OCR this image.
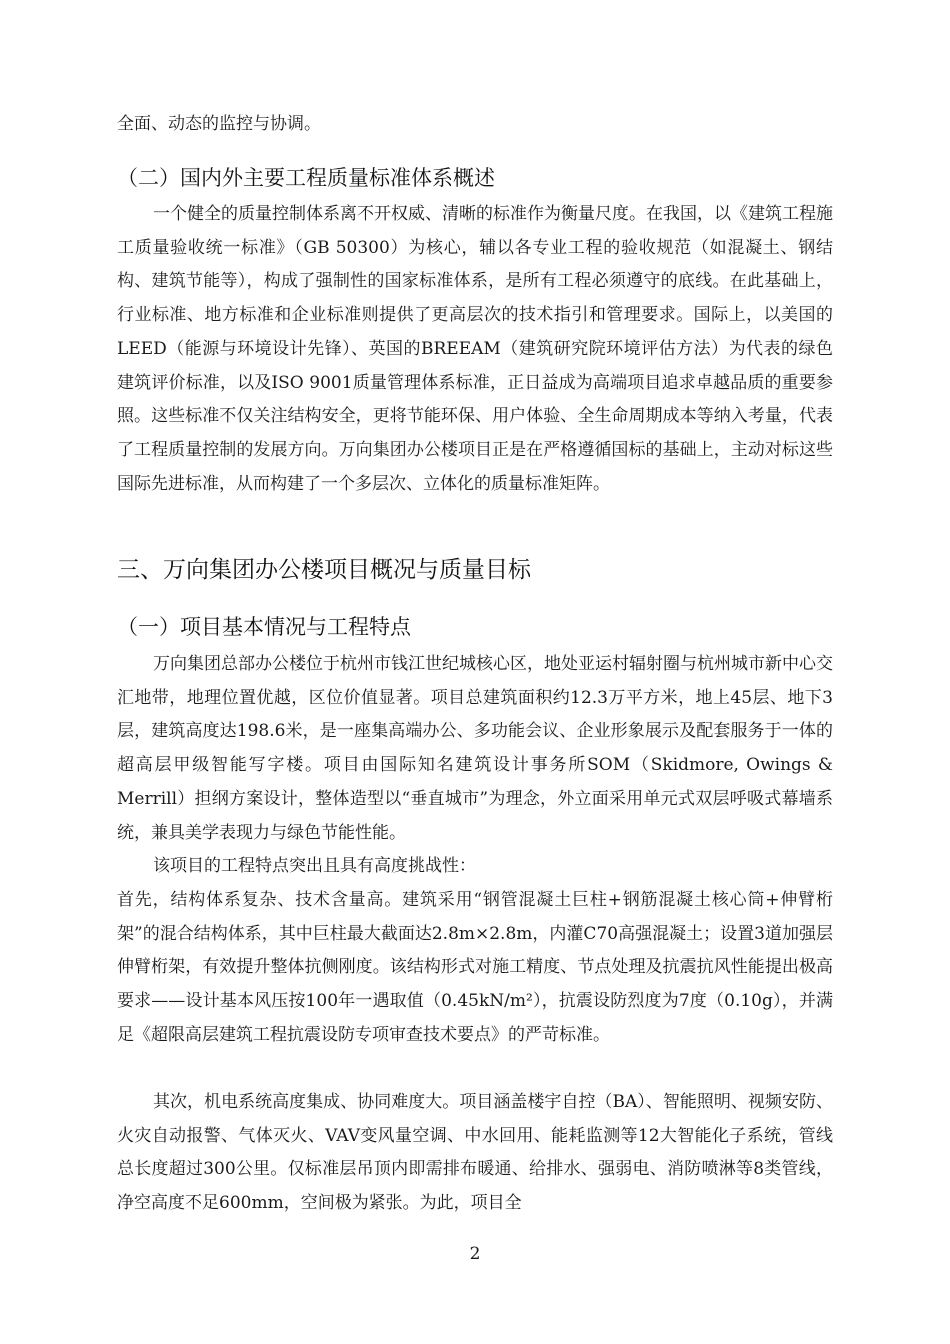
全面、动态的监控与协调。

（二）国内外主要工程质量标准体系概述

一个健全的质量控制体系离不开权威、清晰的标准作为衡量尺度。在我国，以《建筑工程施工质量验收统一标准》（GB 50300）为核心，辅以各专业工程的验收规范（如混凝土、钢结构、建筑节能等），构成了强制性的国家标准体系，是所有工程必须遵守的底线。在此基础上，行业标准、地方标准和企业标准则提供了更高层次的技术指引和管理要求。国际上，以美国的LEED（能源与环境设计先锋）、英国的BREEAM（建筑研究院环境评估方法）为代表的绿色建筑评价标准，以及ISO 9001质量管理体系标准，正日益成为高端项目追求卓越品质的重要参照。这些标准不仅关注结构安全，更将节能环保、用户体验、全生命周期成本等纳入考量，代表了工程质量控制的发展方向。万向集团办公楼项目正是在严格遵循国标的基础上，主动对标这些国际先进标准，从而构建了一个多层次、立体化的质量标准矩阵。

三、万向集团办公楼项目概况与质量目标
（一）项目基本情况与工程特点

万向集团总部办公楼位于杭州市钱江世纪城核心区，地处亚运村辐射圈与杭州城市新中心交汇地带，地理位置优越，区位价值显著。项目总建筑面积约12.3万平方米，地上45层、地下3层，建筑高度达198.6米，是一座集高端办公、多功能会议、企业形象展示及配套服务于一体的超高层甲级智能写字楼。项目由国际知名建筑设计事务所SOM（Skidmore, Owings & Merrill）担纲方案设计，整体造型以“垂直城市”为理念，外立面采用单元式双层呼吸式幕墙系统，兼具美学表现力与绿色节能性能。

该项目的工程特点突出且具有高度挑战性：

首先，结构体系复杂、技术含量高。建筑采用“钢管混凝土巨柱+钢筋混凝土核心筒+伸臂桁架”的混合结构体系，其中巨柱最大截面达2.8m×2.8m，内灌C70高强混凝土；设置3道加强层伸臂桁架，有效提升整体抗侧刚度。该结构形式对施工精度、节点处理及抗震抗风性能提出极高要求——设计基本风压按100年一遇取值（0.45kN/m²），抗震设防烈度为7度（0.10g），并满足《超限高层建筑工程抗震设防专项审查技术要点》的严苛标准。

其次，机电系统高度集成、协同难度大。项目涵盖楼宇自控（BA）、智能照明、视频安防、火灾自动报警、气体灭火、VAV变风量空调、中水回用、能耗监测等12大智能化子系统，管线总长度超过300公里。仅标准层吊顶内即需排布暖通、给排水、强弱电、消防喷淋等8类管线，净空高度不足600mm，空间极为紧张。为此，项目全

2
